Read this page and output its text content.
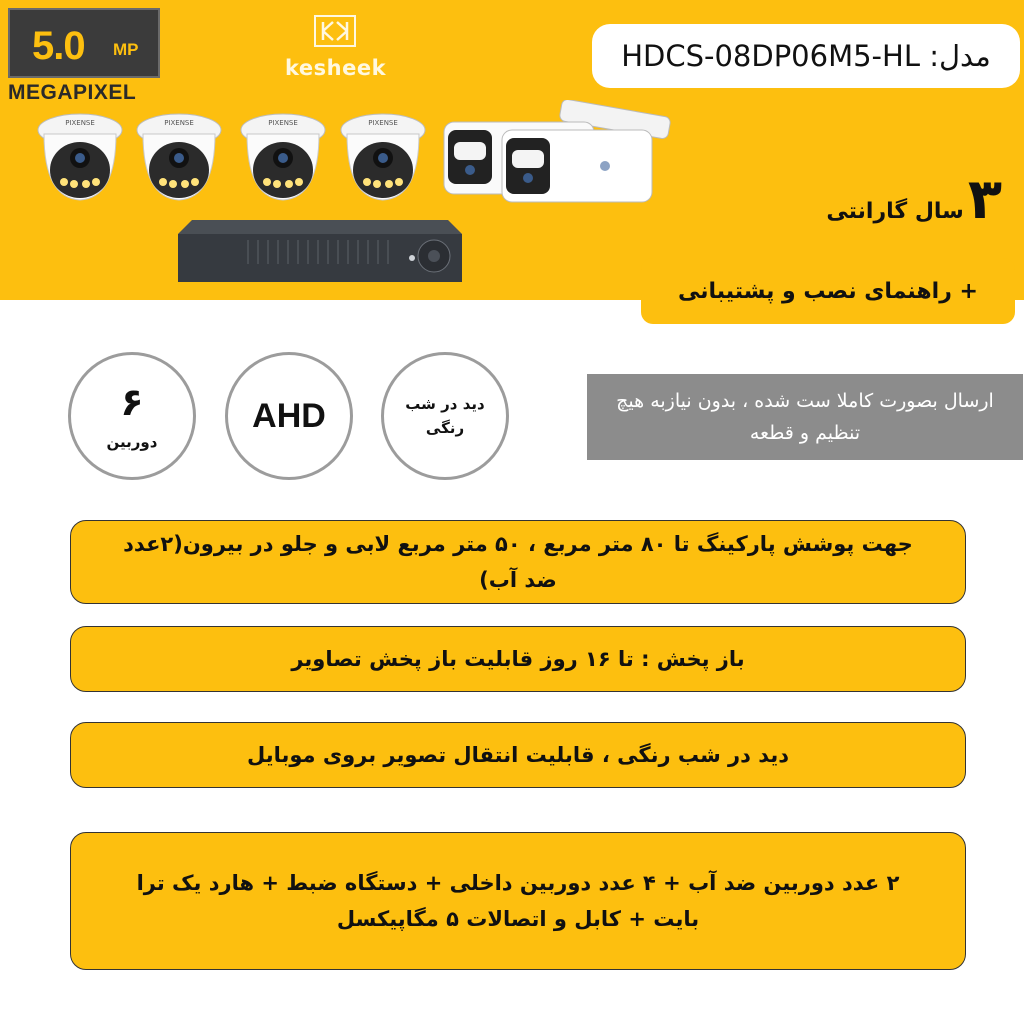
5.0 MP
MEGAPIXEL
kesheek	مدل: HDCS-08DP06M5-HL
PIXENSE	PIXENSE	PIXENSE	PIXENSE
۳
سال گارانتی
+ راهنمای نصب و پشتیبانی
۶
دوربین
AHD	دید در شب رنگی
ارسال بصورت کاملا ست شده ، بدون نیازبه هیچ تنظیم و قطعه
جهت پوشش پارکینگ تا ۸۰ متر مربع ، ۵۰ متر مربع لابی و جلو در بیرون(۲عدد ضد آب)
باز پخش : تا ۱۶ روز قابلیت باز پخش تصاویر
دید در شب رنگی ، قابلیت انتقال تصویر بروی موبایل
۲ عدد دوربین ضد آب + ۴ عدد دوربین داخلی + دستگاه ضبط + هارد یک ترا بایت + کابل و اتصالات ۵ مگاپیکسل
